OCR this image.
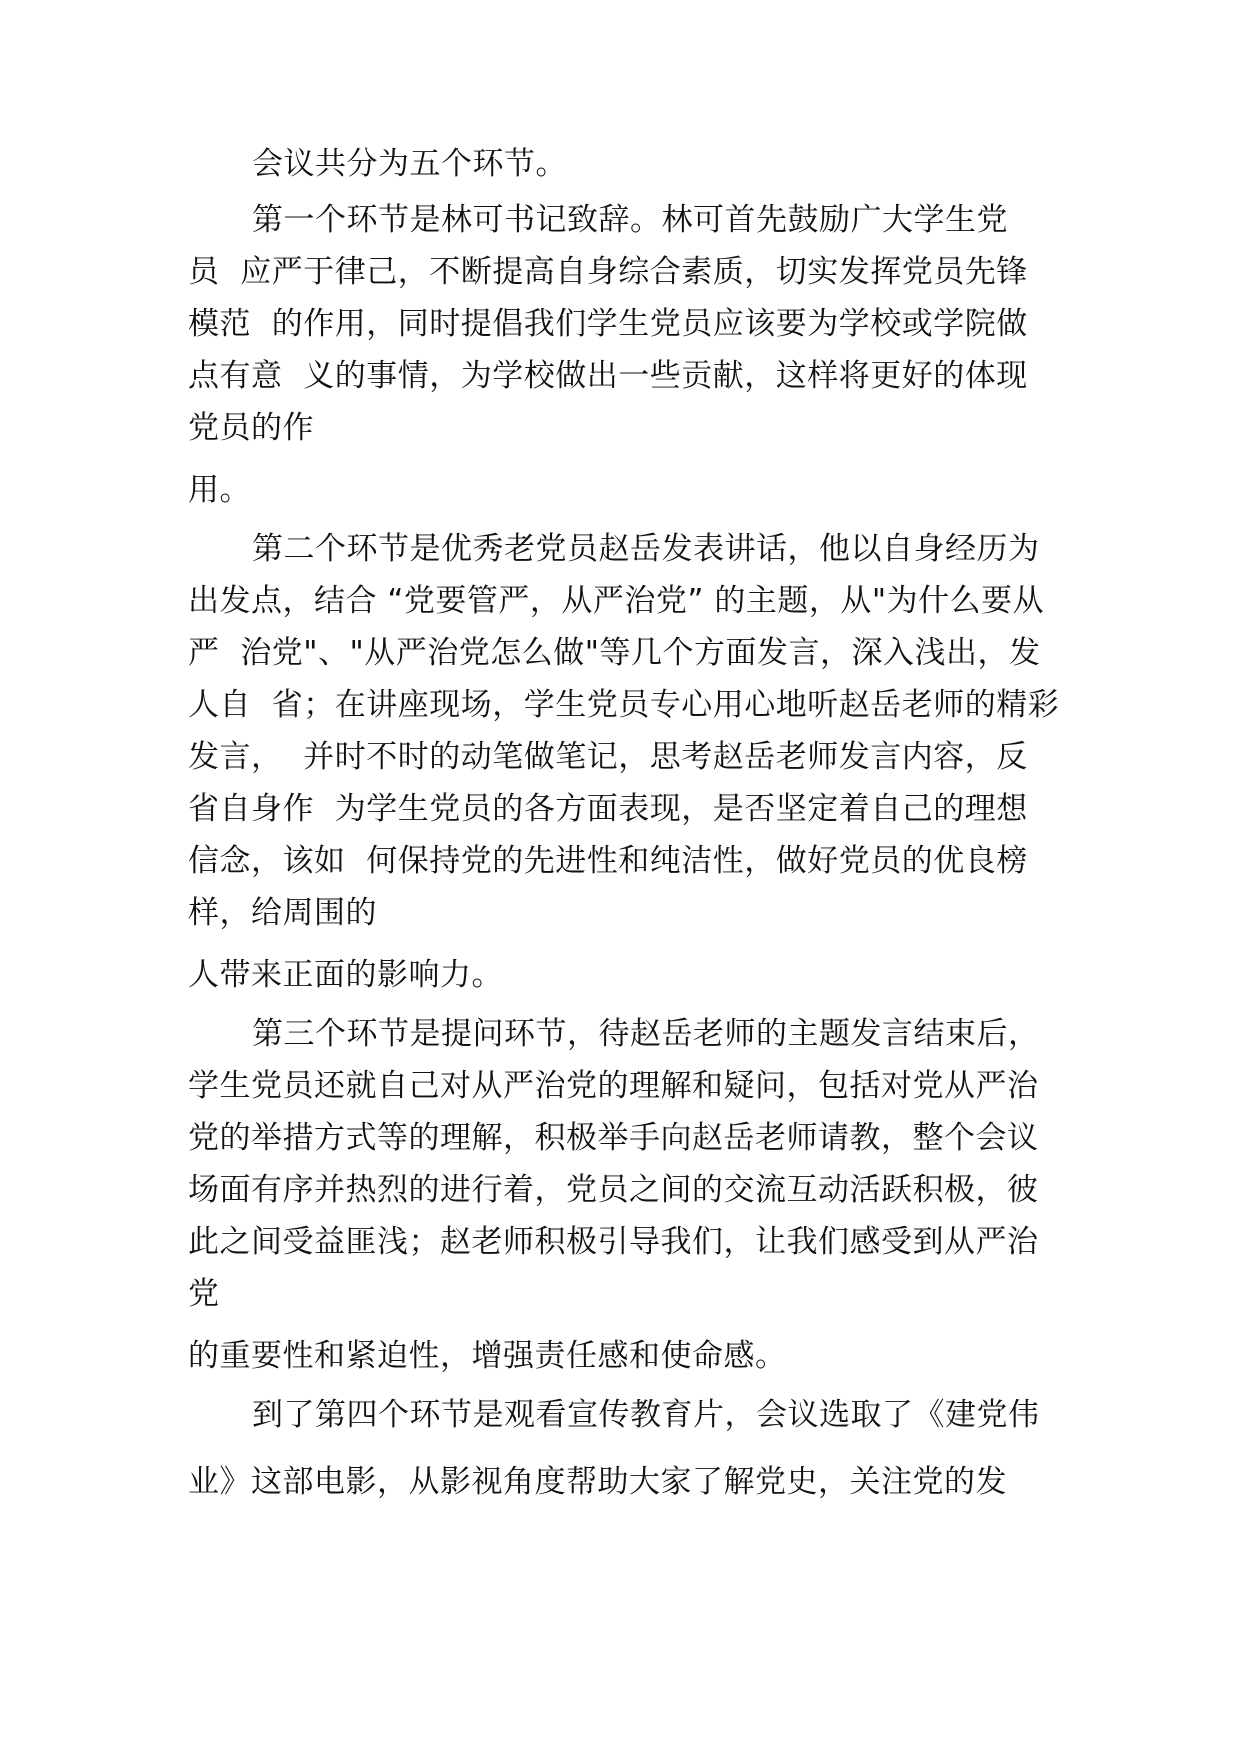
会议共分为五个环节。
第一个环节是林可书记致辞。林可首先鼓励广大学生党
员  应严于律己，不断提高自身综合素质，切实发挥党员先锋
模范  的作用，同时提倡我们学生党员应该要为学校或学院做
点有意  义的事情，为学校做出一些贡献，这样将更好的体现
党员的作
用。
第二个环节是优秀老党员赵岳发表讲话，他以自身经历为
出发点，结合 “党要管严，从严治党” 的主题，从"为什么要从
严  治党"、"从严治党怎么做"等几个方面发言，深入浅出，发
人自  省；在讲座现场，学生党员专心用心地听赵岳老师的精彩
发言，  并时不时的动笔做笔记，思考赵岳老师发言内容，反
省自身作  为学生党员的各方面表现，是否坚定着自己的理想
信念，该如  何保持党的先进性和纯洁性，做好党员的优良榜
样，给周围的
人带来正面的影响力。
第三个环节是提问环节，待赵岳老师的主题发言结束后，
学生党员还就自己对从严治党的理解和疑问，包括对党从严治
党的举措方式等的理解，积极举手向赵岳老师请教，整个会议
场面有序并热烈的进行着，党员之间的交流互动活跃积极，彼
此之间受益匪浅；赵老师积极引导我们，让我们感受到从严治
党
的重要性和紧迫性，增强责任感和使命感。
到了第四个环节是观看宣传教育片，会议选取了《建党伟
业》这部电影，从影视角度帮助大家了解党史，关注党的发
